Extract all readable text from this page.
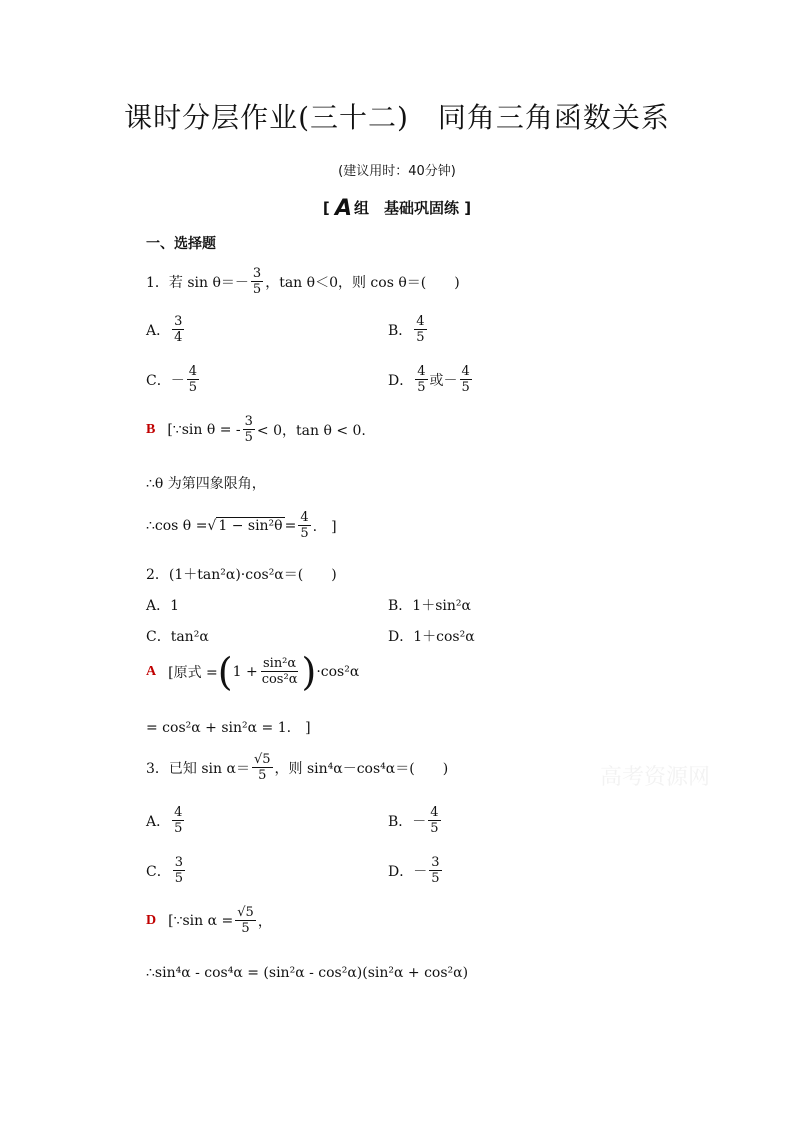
课时分层作业(三十二)　同角三角函数关系
(建议用时：40分钟)
[ A 组　基础巩固练 ]
一、选择题
1．若 $\sin \theta=- \frac{3}{5}$ ，tan θ＜0，则 cos θ＝(　　)
A． $\frac{3}{4}$	B． $\frac{4}{5}$
C．－ $\frac{4}{5}$	D． $\frac{4}{5}$ 或－ $\frac{4}{5}$
B [∵sin θ = - $\frac{3}{5} < 0$，tan θ < 0.
∴θ 为第四象限角，
∴cos θ = √ $1 - \sin^2\theta = \frac{4}{5}$ .　]
2．(1＋tan²α)·cos²α＝(　　)
A．1	B．1＋sin²α
C．tan²α	D．1＋cos²α
A [原式 = ( $1 + \frac{\text{sin²α}}{\text{cos²α}}$ ) ·cos²α
= cos²α + sin²α = 1.　]
3．已知 $\sin \alpha= \frac{√5}{5}$ ，则 sin⁴α－cos⁴α＝(　　)
A． $\frac{4}{5}$	B．－ $\frac{4}{5}$
C． $\frac{3}{5}$	D．－ $\frac{3}{5}$
D [∵sin $\alpha = \frac{√5}{5}$ ，
∴sin⁴α - cos⁴α = (sin²α - cos²α)(sin²α + cos²α)
高考资源网
